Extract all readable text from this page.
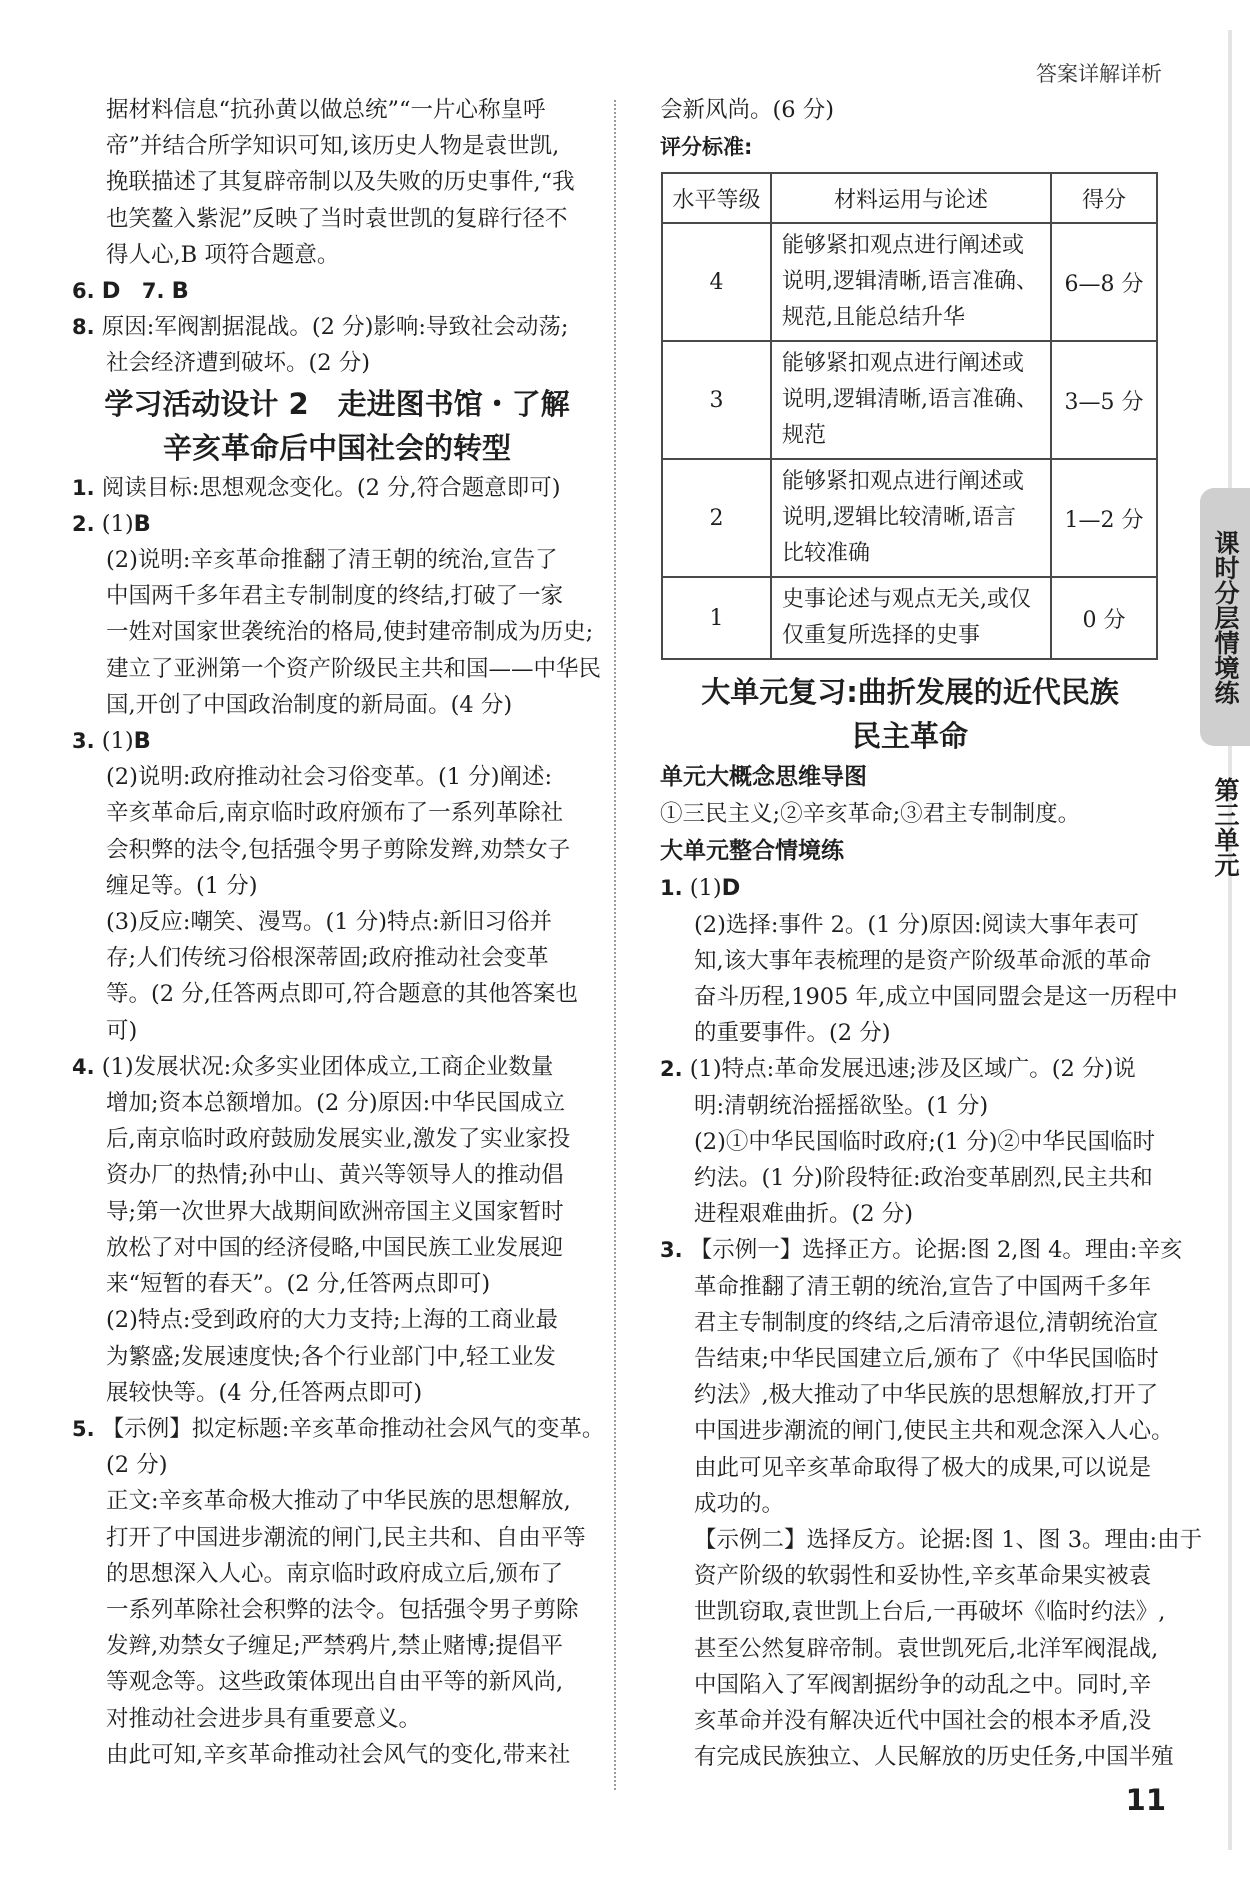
答案详解详析

据材料信息“抗孙黄以做总统”“一片心称皇呼

帝”并结合所学知识可知,该历史人物是袁世凯,

挽联描述了其复辟帝制以及失败的历史事件,“我

也笑鳌入紫泥”反映了当时袁世凯的复辟行径不

得人心,B 项符合题意。

6. D 7. B

8. 原因:军阀割据混战。(2 分)影响:导致社会动荡;

社会经济遭到破坏。(2 分)

学习活动设计 2　走进图书馆・了解
辛亥革命后中国社会的转型

1. 阅读目标:思想观念变化。(2 分,符合题意即可)

2. (1)B

(2)说明:辛亥革命推翻了清王朝的统治,宣告了

中国两千多年君主专制制度的终结,打破了一家

一姓对国家世袭统治的格局,使封建帝制成为历史;

建立了亚洲第一个资产阶级民主共和国——中华民

国,开创了中国政治制度的新局面。(4 分)

3. (1)B

(2)说明:政府推动社会习俗变革。(1 分)阐述:

辛亥革命后,南京临时政府颁布了一系列革除社

会积弊的法令,包括强令男子剪除发辫,劝禁女子

缠足等。(1 分)

(3)反应:嘲笑、漫骂。(1 分)特点:新旧习俗并

存;人们传统习俗根深蒂固;政府推动社会变革

等。(2 分,任答两点即可,符合题意的其他答案也

可)

4. (1)发展状况:众多实业团体成立,工商企业数量

增加;资本总额增加。(2 分)原因:中华民国成立

后,南京临时政府鼓励发展实业,激发了实业家投

资办厂的热情;孙中山、黄兴等领导人的推动倡

导;第一次世界大战期间欧洲帝国主义国家暂时

放松了对中国的经济侵略,中国民族工业发展迎

来“短暂的春天”。(2 分,任答两点即可)

(2)特点:受到政府的大力支持;上海的工商业最

为繁盛;发展速度快;各个行业部门中,轻工业发

展较快等。(4 分,任答两点即可)

5. 【示例】拟定标题:辛亥革命推动社会风气的变革。

(2 分)

正文:辛亥革命极大推动了中华民族的思想解放,

打开了中国进步潮流的闸门,民主共和、自由平等

的思想深入人心。南京临时政府成立后,颁布了

一系列革除社会积弊的法令。包括强令男子剪除

发辫,劝禁女子缠足;严禁鸦片,禁止赌博;提倡平

等观念等。这些政策体现出自由平等的新风尚,

对推动社会进步具有重要意义。

由此可知,辛亥革命推动社会风气的变化,带来社

会新风尚。(6 分)

评分标准:
水平等级	材料运用与论述	得分
4	能够紧扣观点进行阐述或
说明,逻辑清晰,语言准确、
规范,且能总结升华	6—8 分
3	能够紧扣观点进行阐述或
说明,逻辑清晰,语言准确、
规范	3—5 分
2	能够紧扣观点进行阐述或
说明,逻辑比较清晰,语言
比较准确	1—2 分
1	史事论述与观点无关,或仅
仅重复所选择的史事	0 分
大单元复习:曲折发展的近代民族
民主革命
单元大概念思维导图

①三民主义;②辛亥革命;③君主专制制度。

大单元整合情境练

1. (1)D

(2)选择:事件 2。(1 分)原因:阅读大事年表可

知,该大事年表梳理的是资产阶级革命派的革命

奋斗历程,1905 年,成立中国同盟会是这一历程中

的重要事件。(2 分)

2. (1)特点:革命发展迅速;涉及区域广。(2 分)说

明:清朝统治摇摇欲坠。(1 分)

(2)①中华民国临时政府;(1 分)②中华民国临时

约法。(1 分)阶段特征:政治变革剧烈,民主共和

进程艰难曲折。(2 分)

3. 【示例一】选择正方。论据:图 2,图 4。理由:辛亥

革命推翻了清王朝的统治,宣告了中国两千多年

君主专制制度的终结,之后清帝退位,清朝统治宣

告结束;中华民国建立后,颁布了《中华民国临时

约法》,极大推动了中华民族的思想解放,打开了

中国进步潮流的闸门,使民主共和观念深入人心。

由此可见辛亥革命取得了极大的成果,可以说是

成功的。

【示例二】选择反方。论据:图 1、图 3。理由:由于

资产阶级的软弱性和妥协性,辛亥革命果实被袁

世凯窃取,袁世凯上台后,一再破坏《临时约法》,

甚至公然复辟帝制。袁世凯死后,北洋军阀混战,

中国陷入了军阀割据纷争的动乱之中。同时,辛

亥革命并没有解决近代中国社会的根本矛盾,没

有完成民族独立、人民解放的历史任务,中国半殖

课时分层情境练
第三单元
11
